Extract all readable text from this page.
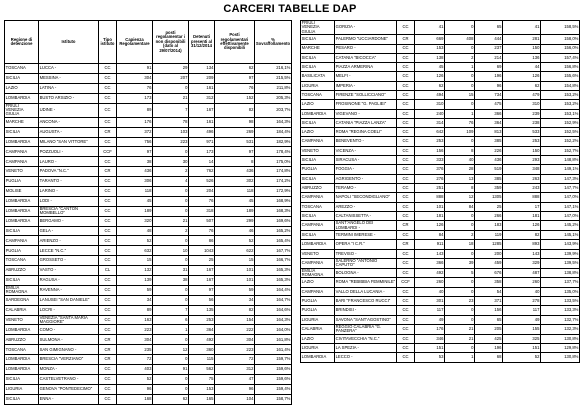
CARCERI TABELLE DAP
Regione di detenzione	Istituto	Tipo istituto	Capienza Regolamentare	posti regolamentar i non disponibili (dato al 29/07/2014)	Detenuti presenti al 31/12/2014	Posti regolamentari effettivamente disponibili	% Sovraffollamento
TOSCANA	LUCCA -	CC	91	29	134	62	216,1%
SICILIA	MESSINA -	CC	304	207	209	97	215,5%
LAZIO	LATINA -	CC	76	0	161	76	211,8%
LOMBARDIA	BUSTO ARSIZIO -	CC	173	21	312	152	205,3%
FRIULI VENEZIA GIULIA	UDINE -	CC	89	7	167	82	203,7%
MARCHE	ANCONA -	CC	176	78	161	98	164,3%
SICILIA	AUGUSTA -	CR	372	103	496	269	184,4%
LOMBARDIA	MILANO "SAN VITTORE"	CC	756	223	971	531	182,9%
CAMPANIA	POZZUOLI -	CCF	97	0	173	97	178,4%
CAMPANIA	LAURO -	CC	38	30	14	8	175,0%
VENETO	PADOVA "N.C."	CR	436	2	762	436	174,8%
PUGLIA	TARANTO -	CC	306	4	526	302	174,2%
MOLISE	LARINO -	CC	118	0	204	118	172,9%
LOMBARDIA	LODI -	CC	45	0	76	45	168,9%
LOMBARDIA	BRESCIA "CANTON MOMBELLO"	CC	189	0	318	189	168,3%
LOMBARDIA	BERGAMO -	CC	320	21	507	299	169,6%
SICILIA	GELA -	CC	48	2	76	46	165,2%
CAMPANIA	ARIENZO -	CC	52	0	86	52	165,4%
PUGLIA	LECCE "N.C."	CC	632	10	1043	622	167,7%
TOSCANA	GROSSETO -	CC	15	0	25	15	166,7%
ABRUZZO	VASTO -	CL	132	31	167	101	165,3%
SICILIA	RAGUSA -	CC	139	38	167	101	165,3%
EMILIA ROMAGNA	RAVENNA -	CC	59	0	97	59	164,4%
SARDEGNA	LANUSEI "SAN DANIELE"	CC	34	0	56	34	164,7%
CALABRIA	LOCRI -	CC	89	7	135	82	164,6%
VENETO	VENEZIA "SANTA MARIA MAGGIORE"	CC	163	6	253	154	164,3%
LOMBARDIA	COMO -	CC	223	1	364	222	164,0%
ABRUZZO	SULMONA -	CR	304	0	492	304	161,8%
TOSCANA	SAN GIMIGNANO -	CR	235	12	360	223	161,4%
LOMBARDIA	BRESCIA "VERZIANO"	CR	72	0	115	72	159,7%
LOMBARDIA	MONZA -	CC	403	91	562	312	159,6%
SICILIA	CASTELVETRANO -	CC	52	0	75	47	159,6%
LIGURIA	GENOVA "PONTEDECIMO"	CC	96	0	153	96	159,4%
SICILIA	ENNA -	CC	168	62	165	104	158,7%
FRIULI VENEZIA GIULIA	GORIZIA -	CC	41	0	65	41	158,5%
SICILIA	PALERMO "UCCIARDONE"	CR	669	408	444	281	158,0%
MARCHE	PESARO -	CC	153	0	237	150	156,0%
SICILIA	CATANIA "BICOCCA"	CC	138	2	214	136	157,4%
SICILIA	PIAZZA ARMERINA	CC	45	1	69	44	156,8%
BASILICATA	MELFI -	CC	126	0	196	126	155,6%
LIGURIA	IMPERIA -	CC	62	0	96	62	154,8%
TOSCANA	FIRENZE "SOLLICCIANO"	CC	494	15	734	479	153,2%
LAZIO	FROSINONE "G. PAGLIEI"	CC	310	0	475	310	153,2%
LOMBARDIA	VIGEVANO -	CC	240	1	366	239	153,1%
SICILIA	CATANIA "PIAZZA LANZA"	CC	314	76	364	238	152,9%
LAZIO	ROMA "REGINA COELI"	CC	642	109	813	533	152,5%
CAMPANIA	BENEVENTO -	CC	253	0	385	253	152,2%
VENETO	VICENZA -	CC	156	8	226	150	152,7%
SICILIA	SIRACUSA -	CC	333	40	436	293	148,8%
PUGLIA	FOGGIA -	CC	376	28	519	348	149,1%
SICILIA	AGRIGENTO -	CC	276	13	385	263	147,3%
ABRUZZO	TERAMO -	CC	251	8	359	243	147,7%
CAMPANIA	NAPOLI "SECONDIGLIANO"	CC	888	12	1305	888	147,0%
TOSCANA	AREZZO -	CC	101	84	25	17	147,1%
SICILIA	CALTANISSETTA -	CC	181	0	266	181	147,0%
CAMPANIA	SANT'ANGELO DEI LOMBARDI -	CR	126	0	183	126	145,2%
SICILIA	TERMINI IMERESE -	CC	84	2	119	82	145,1%
LOMBARDIA	OPERA "I C.R."	CR	911	18	1285	893	143,9%
VENETO	TREVISO -	CC	143	0	200	143	139,9%
CAMPANIA	SALERNO "ANTONIO CAPUTO"	CC	366	39	459	329	139,5%
EMILIA ROMAGNA	BOLOGNA -	CC	492	5	676	487	138,8%
LAZIO	ROMA "REBIBBIA FEMMINILE"	CCF	260	0	358	260	137,7%
CAMPANIA	VALLO DELLA LUCANIA -	CC	40	0	54	40	135,0%
PUGLIA	BARI "FRANCESCO RUCCI"	CC	301	23	371	278	133,5%
PUGLIA	BRINDISI -	CC	117	0	156	117	133,3%
LIGURIA	SAVONA "SANT'AGOSTINO"	CC	49	0	65	49	132,7%
CALABRIA	REGGIO CALABRIA "G. PANZERA"	CC	176	21	205	155	132,3%
LAZIO	CIVITAVECCHIA "N.C."	CC	346	21	425	325	130,8%
LIGURIA	LA SPEZIA -	CC	151	0	196	151	129,8%
LOMBARDIA	LECCO -	CC	53	1	68	52	130,8%
